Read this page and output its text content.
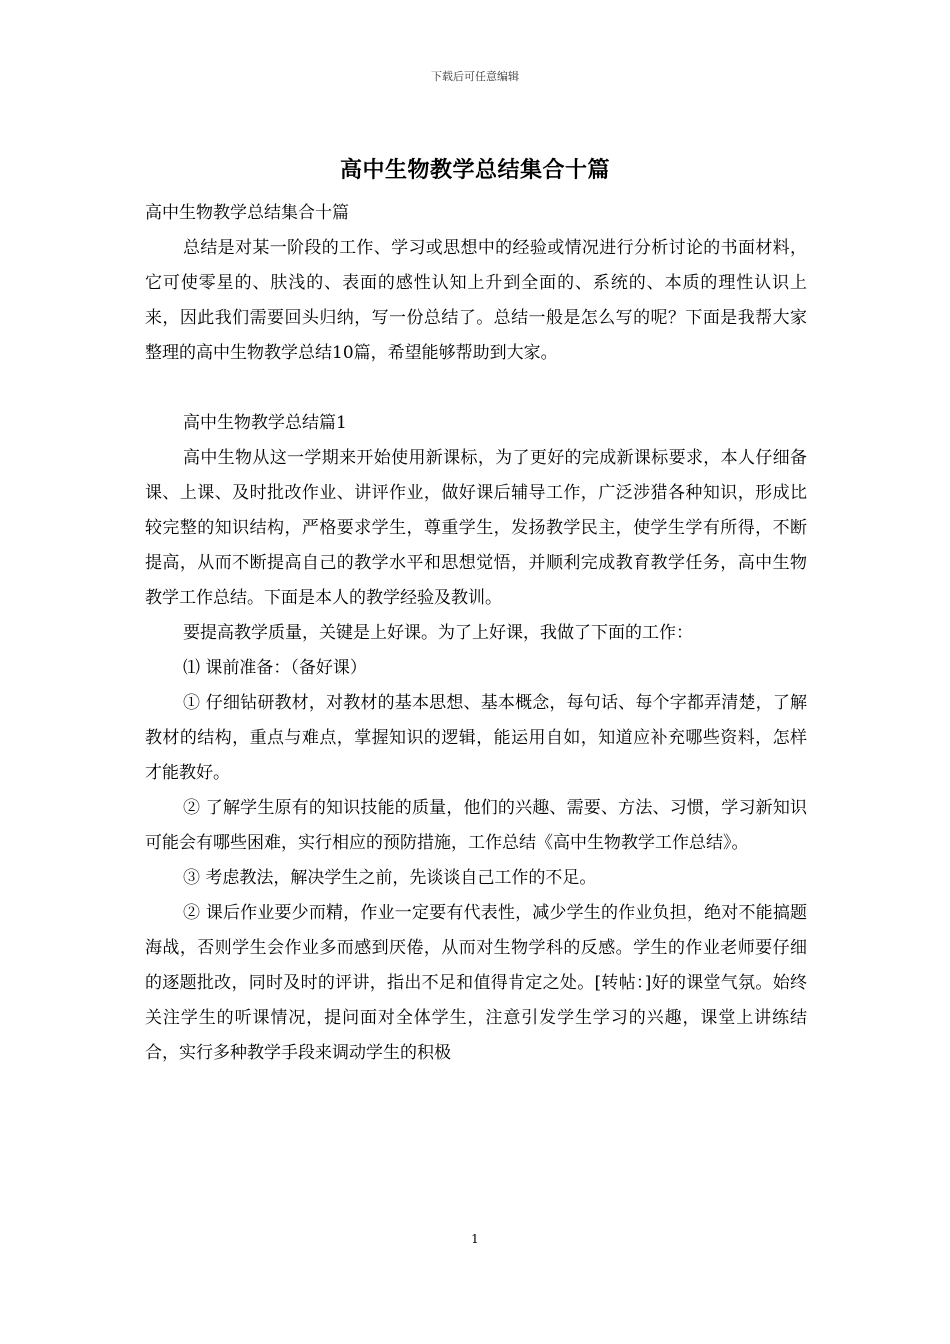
下载后可任意编辑
高中生物教学总结集合十篇

高中生物教学总结集合十篇

总结是对某一阶段的工作、学习或思想中的经验或情况进行分析讨论的书面材料，它可使零星的、肤浅的、表面的感性认知上升到全面的、系统的、本质的理性认识上来，因此我们需要回头归纳，写一份总结了。总结一般是怎么写的呢？下面是我帮大家整理的高中生物教学总结10篇，希望能够帮助到大家。

高中生物教学总结篇1

高中生物从这一学期来开始使用新课标，为了更好的完成新课标要求，本人仔细备课、上课、及时批改作业、讲评作业，做好课后辅导工作，广泛涉猎各种知识，形成比较完整的知识结构，严格要求学生，尊重学生，发扬教学民主，使学生学有所得，不断提高，从而不断提高自己的教学水平和思想觉悟，并顺利完成教育教学任务，高中生物教学工作总结。下面是本人的教学经验及教训。

要提高教学质量，关键是上好课。为了上好课，我做了下面的工作：

⑴ 课前准备：（备好课）

① 仔细钻研教材，对教材的基本思想、基本概念，每句话、每个字都弄清楚，了解教材的结构，重点与难点，掌握知识的逻辑，能运用自如，知道应补充哪些资料，怎样才能教好。

② 了解学生原有的知识技能的质量，他们的兴趣、需要、方法、习惯，学习新知识可能会有哪些困难，实行相应的预防措施，工作总结《高中生物教学工作总结》。

③ 考虑教法，解决学生之前，先谈谈自己工作的不足。

② 课后作业要少而精，作业一定要有代表性，减少学生的作业负担，绝对不能搞题海战，否则学生会作业多而感到厌倦，从而对生物学科的反感。学生的作业老师要仔细的逐题批改，同时及时的评讲，指出不足和值得肯定之处。[转帖：]好的课堂气氛。始终关注学生的听课情况，提问面对全体学生，注意引发学生学习的兴趣，课堂上讲练结合，实行多种教学手段来调动学生的积极

1
